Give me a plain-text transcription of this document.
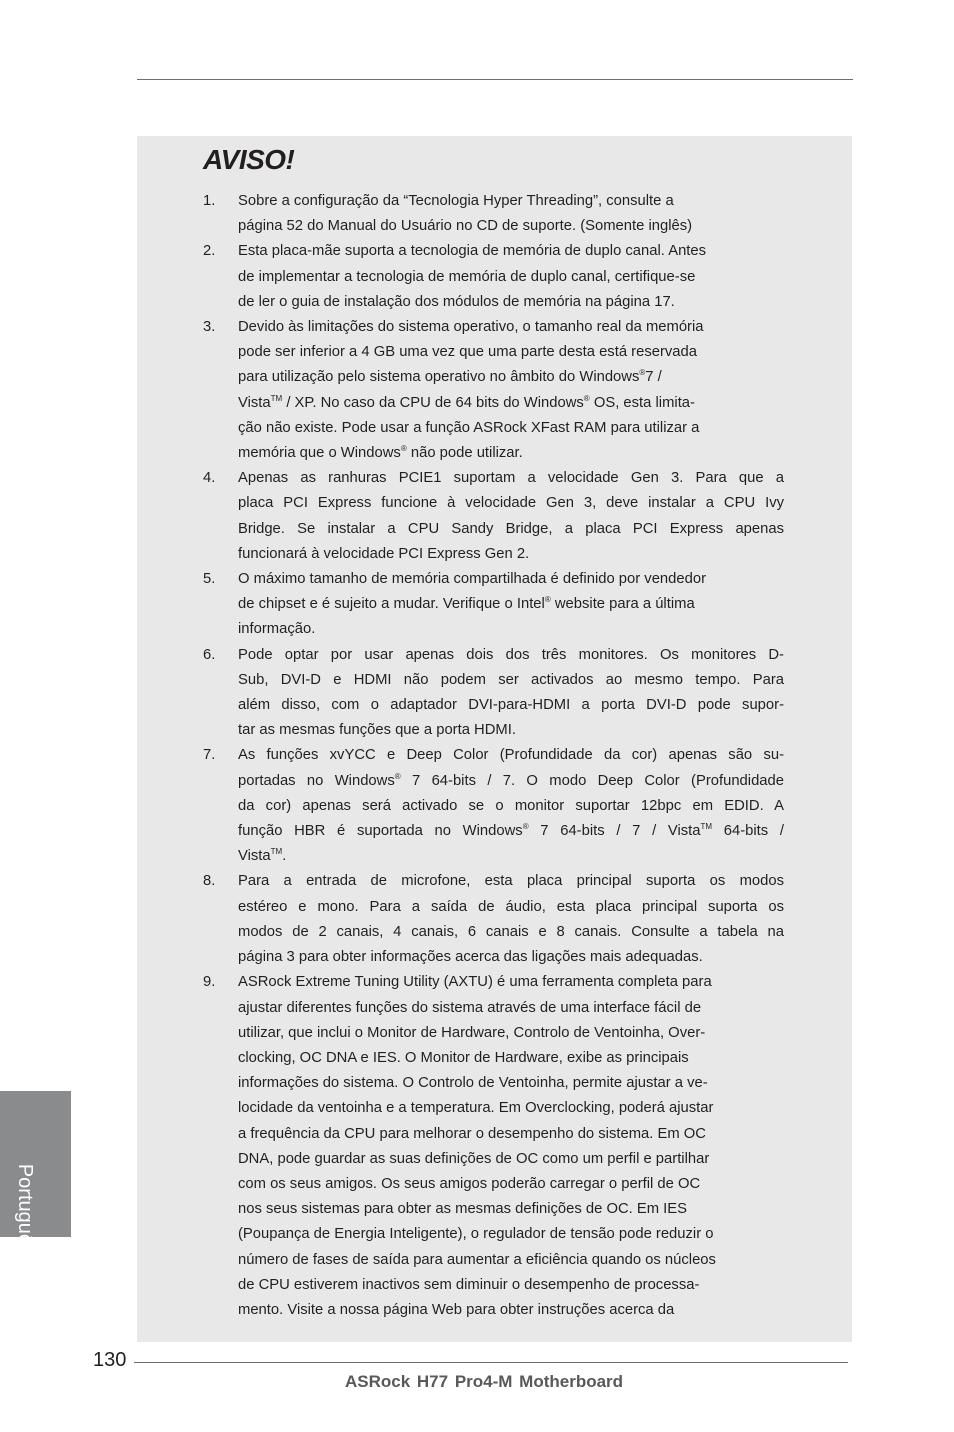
AVISO!
1. Sobre a configuração da “Tecnologia Hyper Threading”, consulte a
página 52 do Manual do Usuário no CD de suporte. (Somente inglês)
2. Esta placa-mãe suporta a tecnologia de memória de duplo canal. Antes
de implementar a tecnologia de memória de duplo canal, certifique-se
de ler o guia de instalação dos módulos de memória na página 17.
3. Devido às limitações do sistema operativo, o tamanho real da memória
pode ser inferior a 4 GB uma vez que uma parte desta está reservada
para utilização pelo sistema operativo no âmbito do Windows®7 /
Vista™ / XP. No caso da CPU de 64 bits do Windows® OS, esta limita-
ção não existe. Pode usar a função ASRock XFast RAM para utilizar a
memória que o Windows® não pode utilizar.
4. Apenas as ranhuras PCIE1 suportam a velocidade Gen 3. Para que a
placa PCI Express funcione à velocidade Gen 3, deve instalar a CPU Ivy
Bridge. Se instalar a CPU Sandy Bridge, a placa PCI Express apenas
funcionará à velocidade PCI Express Gen 2.
5. O máximo tamanho de memória compartilhada é definido por vendedor
de chipset e é sujeito a mudar. Verifique o Intel® website para a última
informação.
6. Pode optar por usar apenas dois dos três monitores. Os monitores D-
Sub, DVI-D e HDMI não podem ser activados ao mesmo tempo. Para
além disso, com o adaptador DVI-para-HDMI a porta DVI-D pode supor-
tar as mesmas funções que a porta HDMI.
7. As funções xvYCC e Deep Color (Profundidade da cor) apenas são su-
portadas no Windows® 7 64-bits / 7. O modo Deep Color (Profundidade
da cor) apenas será activado se o monitor suportar 12bpc em EDID. A
função HBR é suportada no Windows® 7 64-bits / 7 / Vista™ 64-bits /
Vista™.
8. Para a entrada de microfone, esta placa principal suporta os modos
estéreo e mono. Para a saída de áudio, esta placa principal suporta os
modos de 2 canais, 4 canais, 6 canais e 8 canais. Consulte a tabela na
página 3 para obter informações acerca das ligações mais adequadas.
9. ASRock Extreme Tuning Utility (AXTU) é uma ferramenta completa para
ajustar diferentes funções do sistema através de uma interface fácil de
utilizar, que inclui o Monitor de Hardware, Controlo de Ventoinha, Over-
clocking, OC DNA e IES. O Monitor de Hardware, exibe as principais
informações do sistema. O Controlo de Ventoinha, permite ajustar a ve-
locidade da ventoinha e a temperatura. Em Overclocking, poderá ajustar
a frequência da CPU para melhorar o desempenho do sistema. Em OC
DNA, pode guardar as suas definições de OC como um perfil e partilhar
com os seus amigos. Os seus amigos poderão carregar o perfil de OC
nos seus sistemas para obter as mesmas definições de OC. Em IES
(Poupança de Energia Inteligente), o regulador de tensão pode reduzir o
número de fases de saída para aumentar a eficiência quando os núcleos
de CPU estiverem inactivos sem diminuir o desempenho de processa-
mento. Visite a nossa página Web para obter instruções acerca da
Português
130
ASRock H77 Pro4-M Motherboard
